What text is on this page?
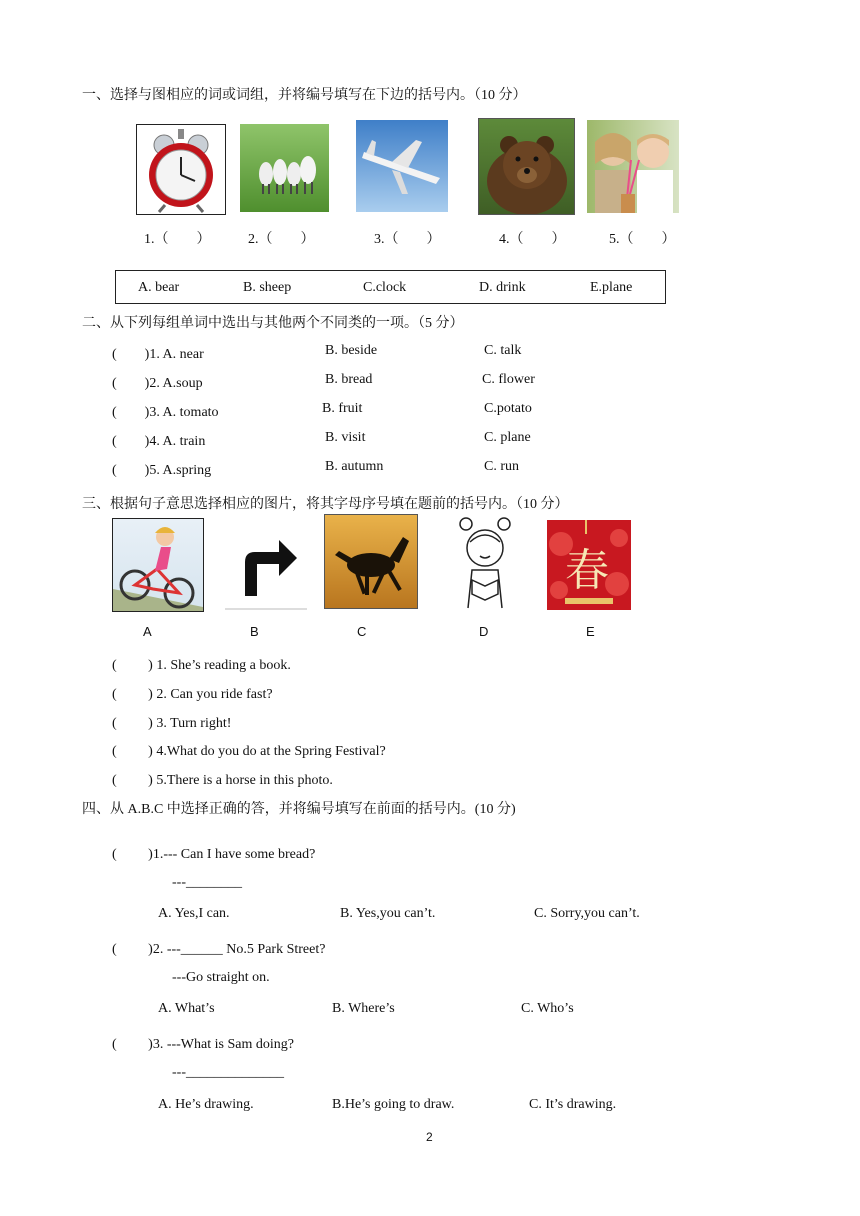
一、选择与图相应的词或词组，并将编号填写在下边的括号内。（10 分）
1.（　　）	2.（　　）	3.（　　）	4.（　　）	5.（　　）
A. bear	B. sheep	C.clock	D. drink	E.plane
二、从下列每组单词中选出与其他两个不同类的一项。（5 分）
(　　)1. A. near	B. beside	C. talk
(　　)2. A.soup	B. bread	C. flower
(　　)3. A. tomato	B. fruit	C.potato
(　　)4. A. train	B. visit	C. plane
(　　)5. A.spring	B. autumn	C. run
三、根据句子意思选择相应的图片，将其字母序号填在题前的括号内。（10 分）
春
A	B	C	D	E
(　　 ) 1. She’s reading a book.
(　　 ) 2. Can you ride fast?
(　　 ) 3. Turn right!
(　　 ) 4.What do you do at the Spring Festival?
(　　 ) 5.There is a horse in this photo.
四、从 A.B.C 中选择正确的答，并将编号填写在前面的括号内。(10 分)
(　　 )1.--- Can I have some bread?
---________
A. Yes,I can.	B. Yes,you can’t.	C. Sorry,you can’t.
(　　 )2. ---______ No.5 Park Street?
---Go straight on.
A. What’s	B. Where’s	C. Who’s
(　　 )3. ---What is Sam doing?
---______________
A. He’s drawing.	B.He’s going to draw.	C. It’s drawing.
2
